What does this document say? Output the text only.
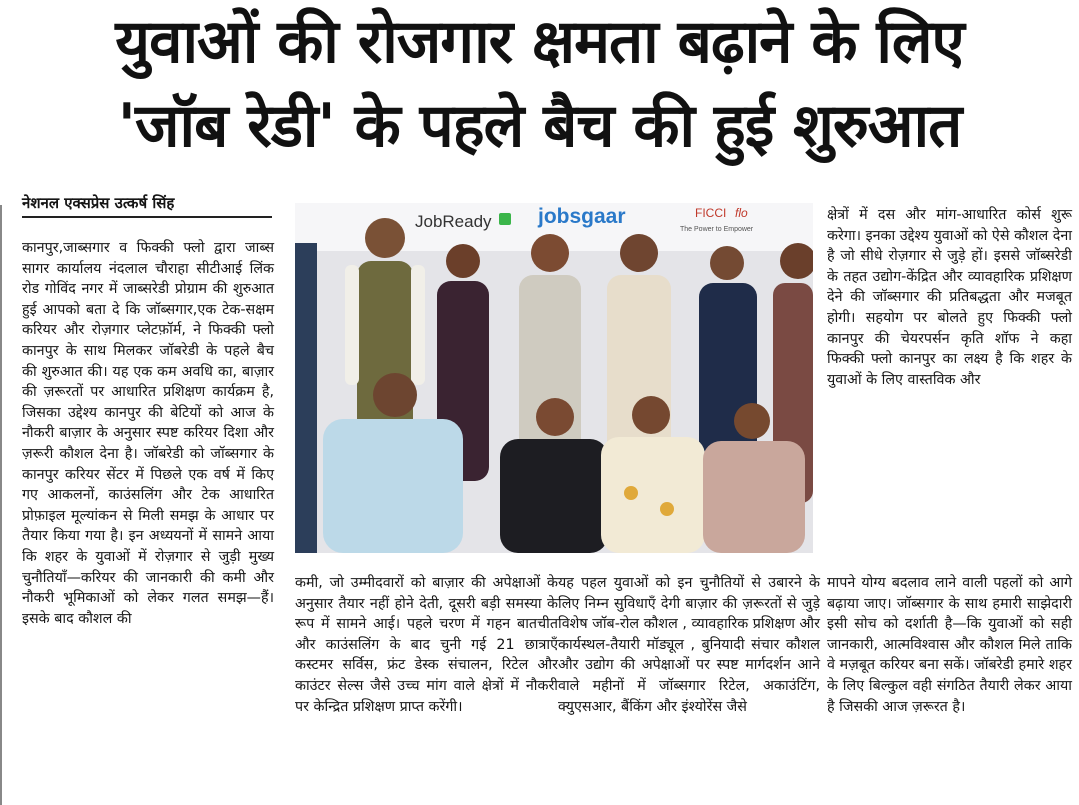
युवाओं की रोजगार क्षमता बढ़ाने के लिए
'जॉब रेडी' के पहले बैच की हुई शुरुआत
नेशनल एक्सप्रेस उत्कर्ष सिंह

कानपुर,जाब्सगार व फिक्की फ्लो द्वारा जाब्स सागर कार्यालय नंदलाल चौराहा सीटीआई लिंक रोड गोविंद नगर में जाब्सरेडी प्रोग्राम की शुरुआत हुई आपको बता दे कि जॉब्सगार,एक टेक-सक्षम करियर और रोज़गार प्लेटफ़ॉर्म, ने फिक्की फ्लो कानपुर के साथ मिलकर जॉबरेडी के पहले बैच की शुरुआत की। यह एक कम अवधि का, बाज़ार की ज़रूरतों पर आधारित प्रशिक्षण कार्यक्रम है, जिसका उद्देश्य कानपुर की बेटियों को आज के नौकरी बाज़ार के अनुसार स्पष्ट करियर दिशा और ज़रूरी कौशल देना है। जॉबरेडी को जॉब्सगार के कानपुर करियर सेंटर में पिछले एक वर्ष में किए गए आकलनों, काउंसलिंग और टेक आधारित प्रोफ़ाइल मूल्यांकन से मिली समझ के आधार पर तैयार किया गया है। इन अध्ययनों में सामने आया कि शहर के युवाओं में रोज़गार से जुड़ी मुख्य चुनौतियाँ—करियर की जानकारी की कमी और नौकरी भूमिकाओं को लेकर गलत समझ—हैं। इसके बाद कौशल की

JobReady jobsgaar	FICCI flo
The Power to Empower

कमी, जो उम्मीदवारों को बाज़ार की अपेक्षाओं के अनुसार तैयार नहीं होने देती, दूसरी बड़ी समस्या के रूप में सामने आई। पहले चरण में गहन बातचीत और काउंसलिंग के बाद चुनी गई 21 छात्राएँ कस्टमर सर्विस, फ्रंट डेस्क संचालन, रिटेल और काउंटर सेल्स जैसे उच्च मांग वाले क्षेत्रों में नौकरी पर केन्द्रित प्रशिक्षण प्राप्त करेंगी।

यह पहल युवाओं को इन चुनौतियों से उबारने के लिए निम्न सुविधाएँ देगी बाज़ार की ज़रूरतों से जुड़े विशेष जॉब-रोल कौशल , व्यावहारिक प्रशिक्षण और कार्यस्थल-तैयारी मॉड्यूल , बुनियादी संचार कौशल और उद्योग की अपेक्षाओं पर स्पष्ट मार्गदर्शन आने वाले महीनों में जॉब्सगार रिटेल, अकाउंटिंग, क्युएसआर, बैंकिंग और इंश्योरेंस जैसे

क्षेत्रों में दस और मांग-आधारित कोर्स शुरू करेगा। इनका उद्देश्य युवाओं को ऐसे कौशल देना है जो सीधे रोज़गार से जुड़े हों। इससे जॉब्सरेडी के तहत उद्योग-केंद्रित और व्यावहारिक प्रशिक्षण देने की जॉब्सगार की प्रतिबद्धता और मजबूत होगी। सहयोग पर बोलते हुए फिक्की फ्लो कानपुर की चेयरपर्सन कृति शॉफ ने कहा फिक्की फ्लो कानपुर का लक्ष्य है कि शहर के युवाओं के लिए वास्तविक और

मापने योग्य बदलाव लाने वाली पहलों को आगे बढ़ाया जाए। जॉब्सगार के साथ हमारी साझेदारी इसी सोच को दर्शाती है—कि युवाओं को सही जानकारी, आत्मविश्वास और कौशल मिले ताकि वे मज़बूत करियर बना सकें। जॉबरेडी हमारे शहर के लिए बिल्कुल वही संगठित तैयारी लेकर आया है जिसकी आज ज़रूरत है।
